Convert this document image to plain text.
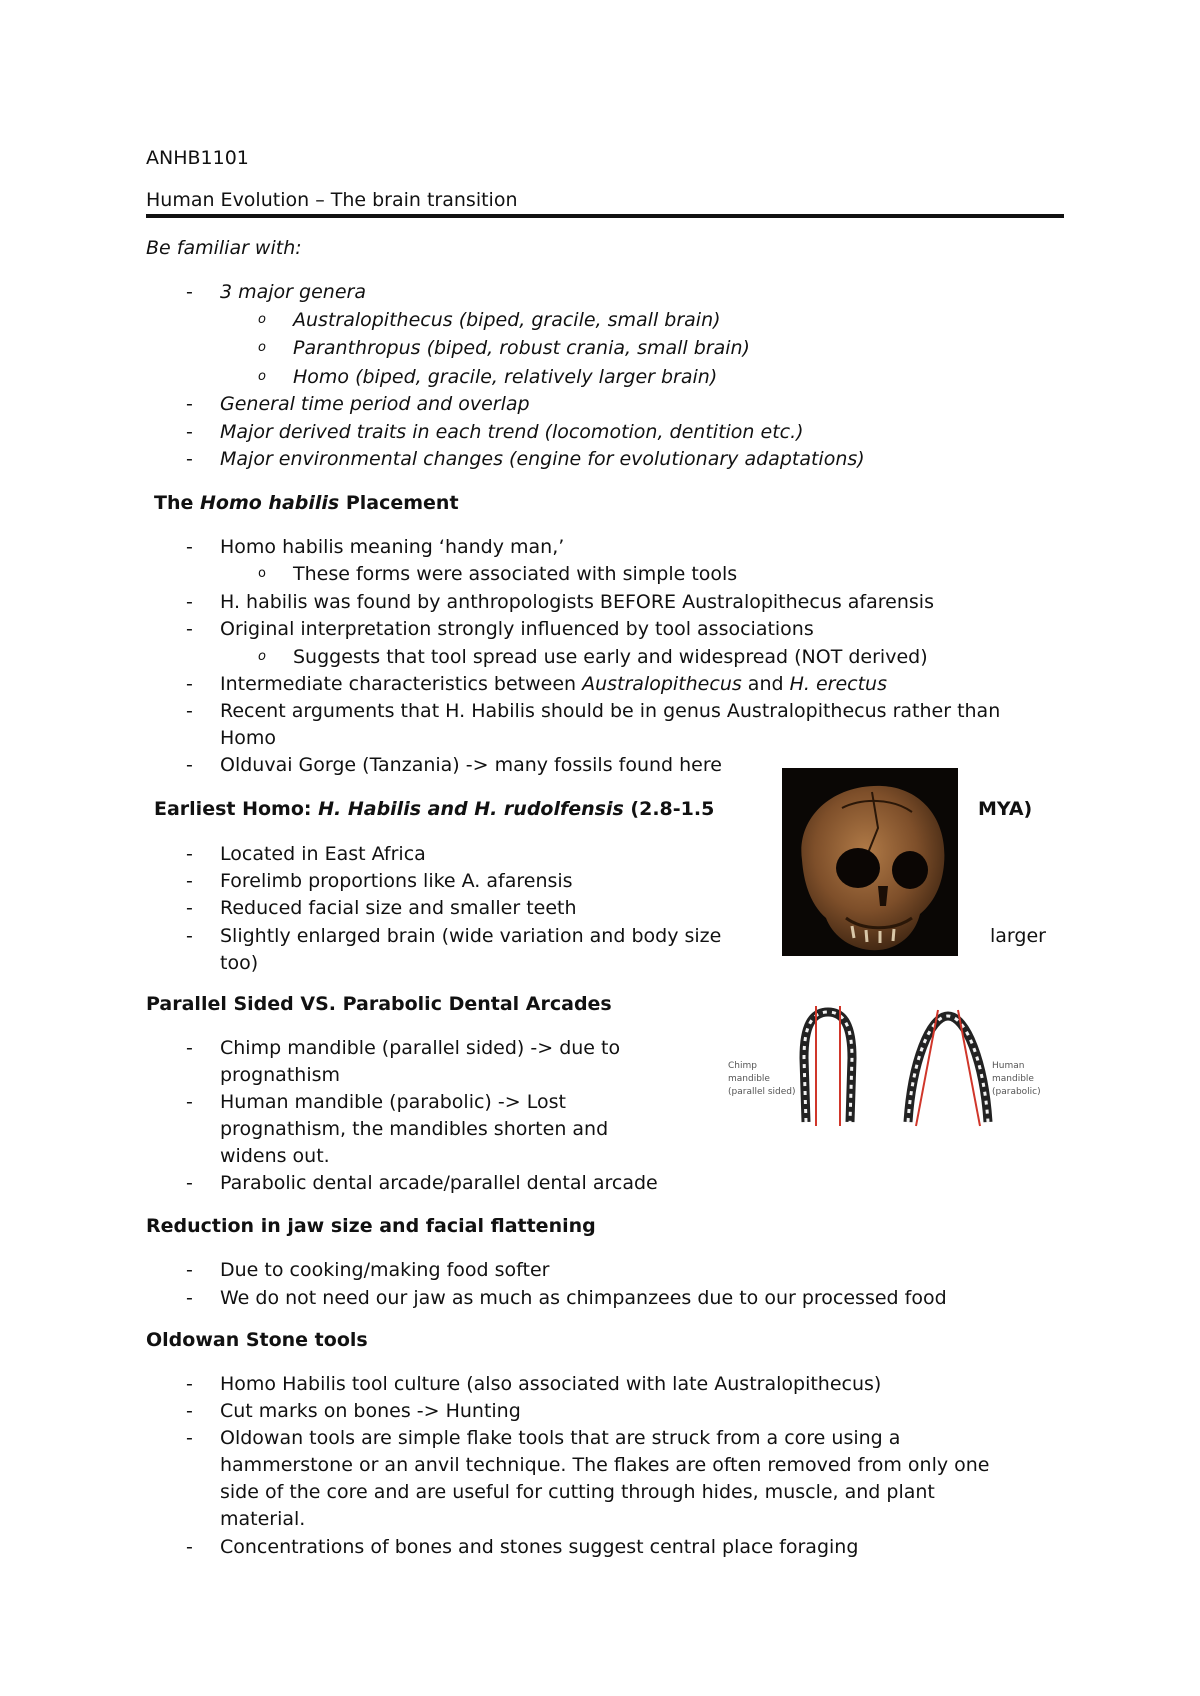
ANHB1101
Human Evolution – The brain transition
Be familiar with:
-	3 major genera
o Australopithecus (biped, gracile, small brain)
o Paranthropus (biped, robust crania, small brain)
o Homo (biped, gracile, relatively larger brain)
-	General time period and overlap
-	Major derived traits in each trend (locomotion, dentition etc.)
-	Major environmental changes (engine for evolutionary adaptations)
The Homo habilis Placement
-	Homo habilis meaning ‘handy man,’
o These forms were associated with simple tools
-	H. habilis was found by anthropologists BEFORE Australopithecus afarensis
-	Original interpretation strongly influenced by tool associations
o Suggests that tool spread use early and widespread (NOT derived)
-	Intermediate characteristics between Australopithecus and H. erectus
-	Recent arguments that H. Habilis should be in genus Australopithecus rather than
Homo
-	Olduvai Gorge (Tanzania) -> many fossils found here
Earliest Homo: H. Habilis and H. rudolfensis (2.8-1.5	MYA)
-	Located in East Africa
-	Forelimb proportions like A. afarensis
-	Reduced facial size and smaller teeth
-	Slightly enlarged brain (wide variation and body size	larger
too)
Parallel Sided VS. Parabolic Dental Arcades
-	Chimp mandible (parallel sided) -> due to
prognathism
-	Human mandible (parabolic) -> Lost
prognathism, the mandibles shorten and
widens out.
-	Parabolic dental arcade/parallel dental arcade
Chimp
mandible
(parallel sided)
Human
mandible
(parabolic)
Reduction in jaw size and facial flattening
-	Due to cooking/making food softer
-	We do not need our jaw as much as chimpanzees due to our processed food
Oldowan Stone tools
-	Homo Habilis tool culture (also associated with late Australopithecus)
-	Cut marks on bones -> Hunting
-	Oldowan tools are simple flake tools that are struck from a core using a
hammerstone or an anvil technique. The flakes are often removed from only one
side of the core and are useful for cutting through hides, muscle, and plant
material.
-	Concentrations of bones and stones suggest central place foraging
